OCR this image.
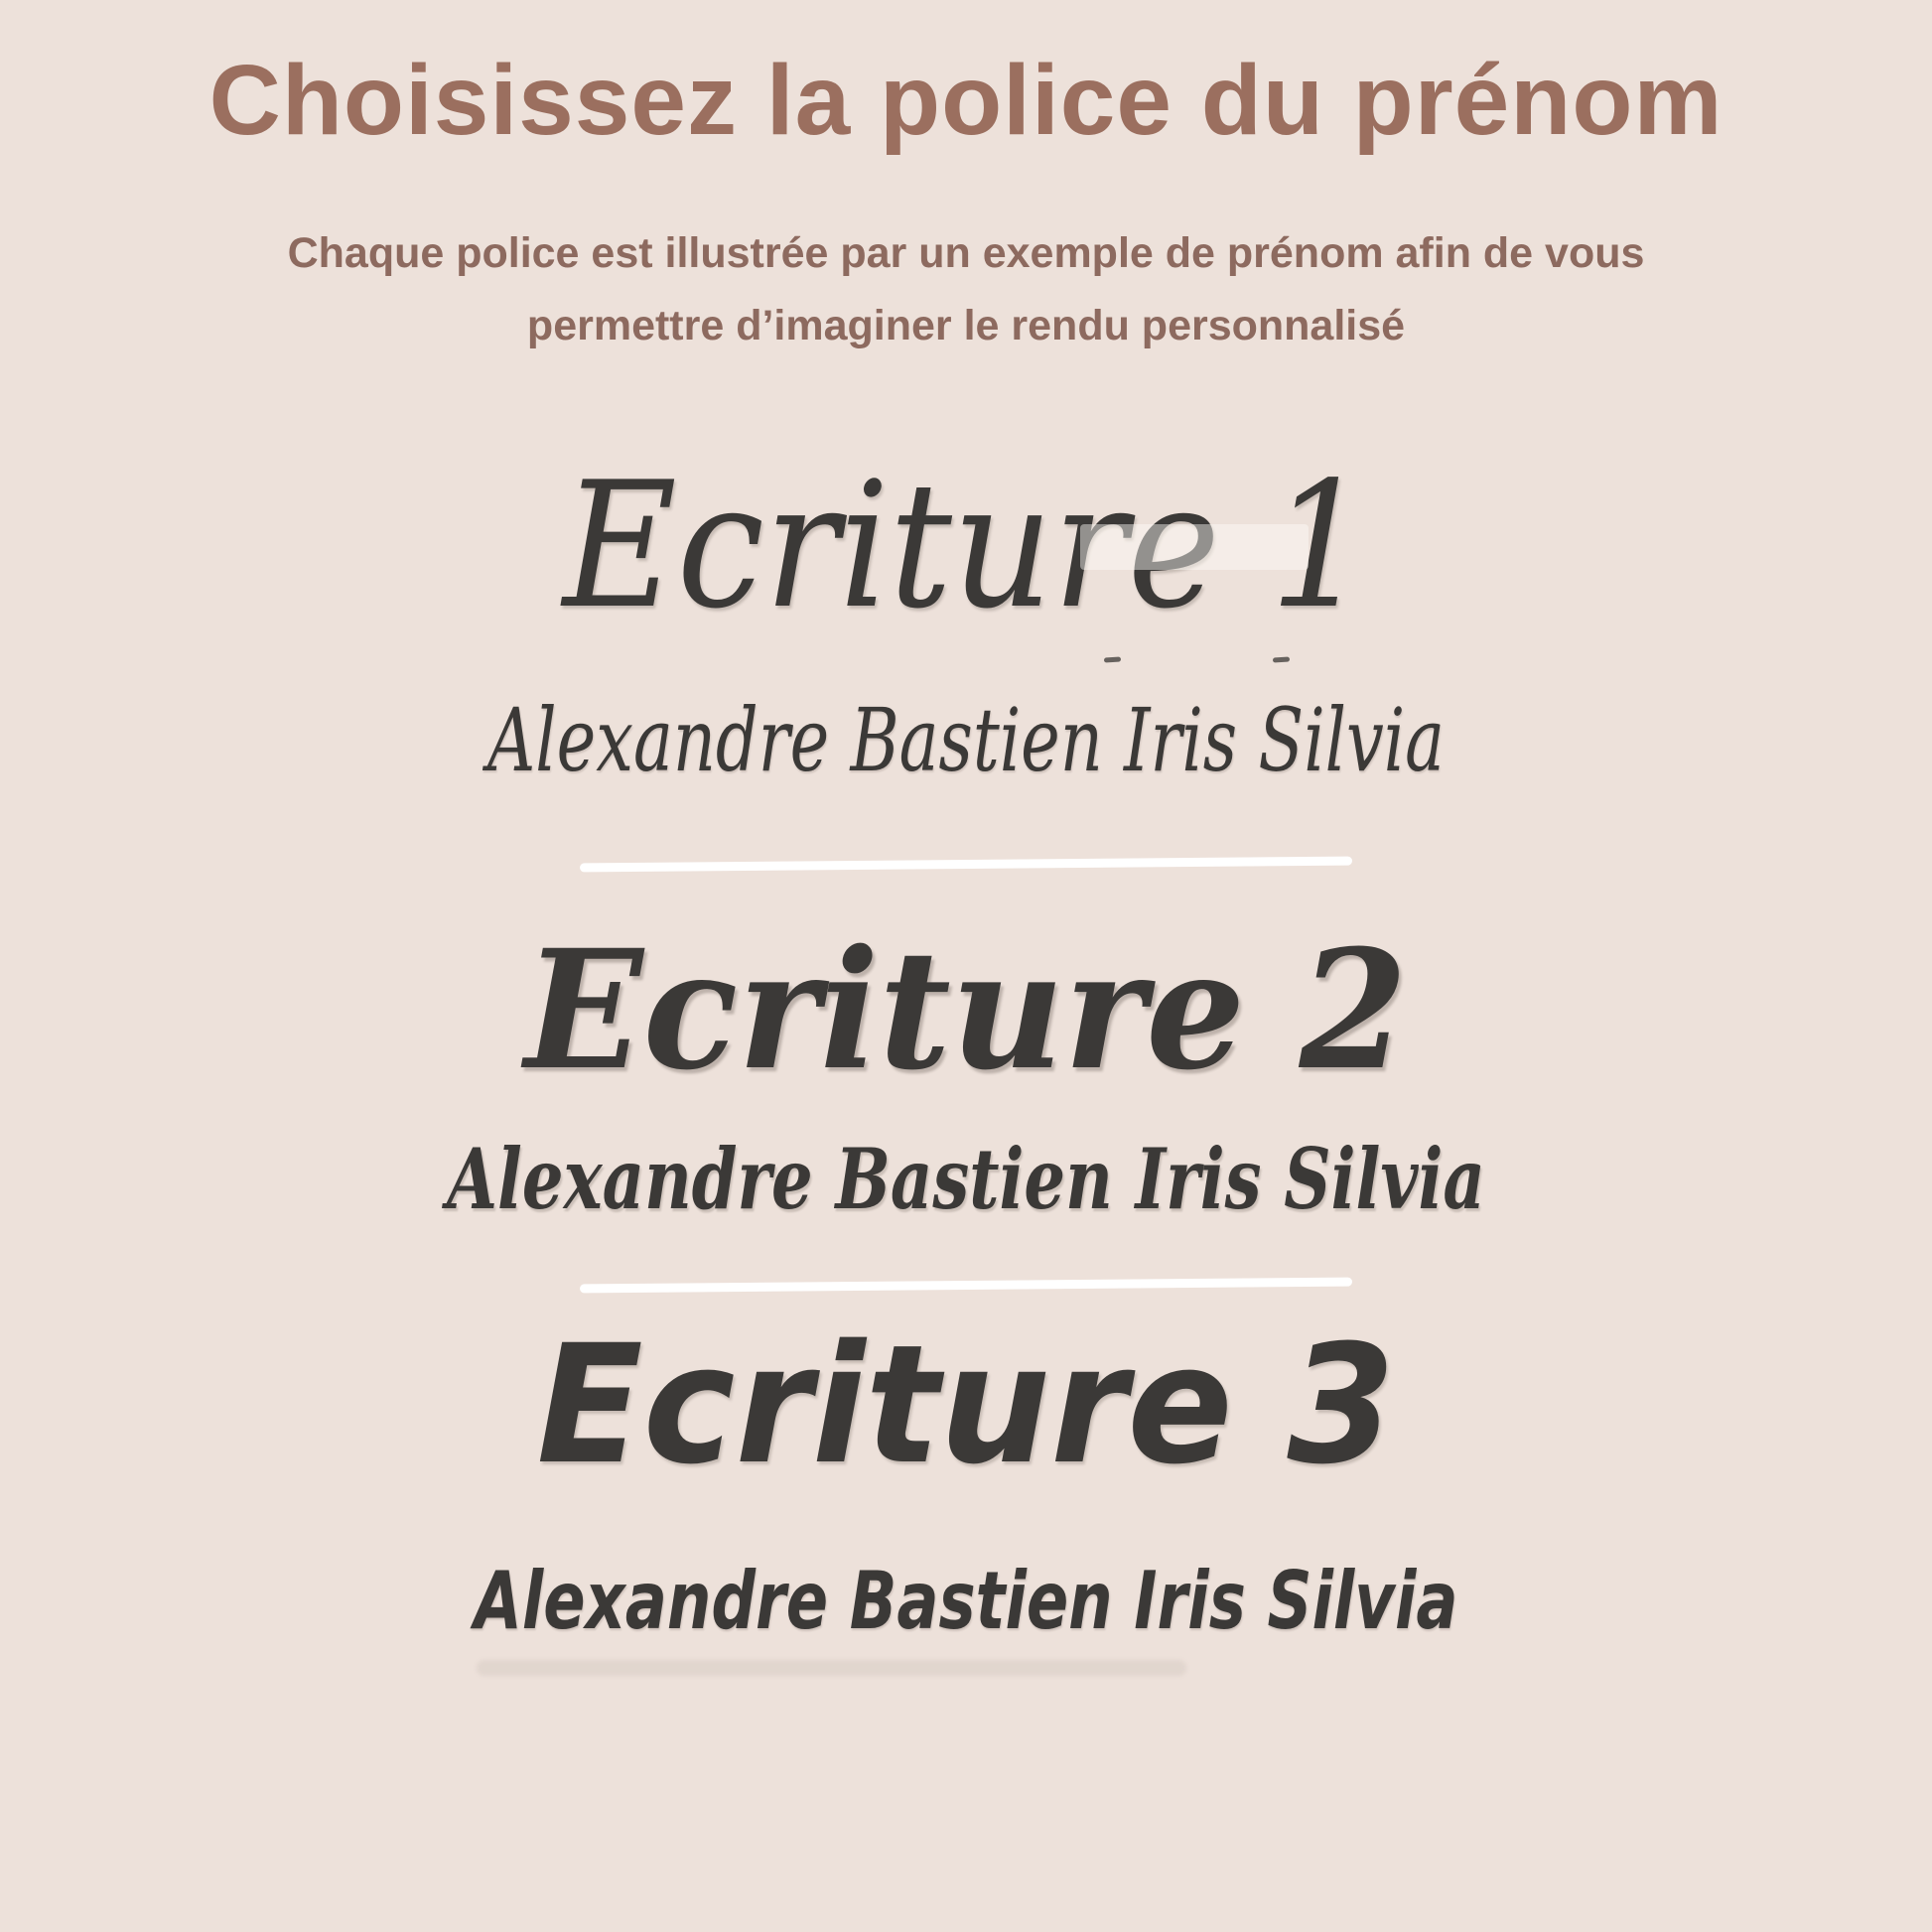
Choisissez la police du prénom

Chaque police est illustrée par un exemple de prénom afin de vous
permettre d’imaginer le rendu personnalisé

Ecriture 1

Alexandre Bastien Iris Silvia

Ecriture 2

Alexandre Bastien Iris Silvia

Ecriture 3

Alexandre Bastien Iris Silvia
